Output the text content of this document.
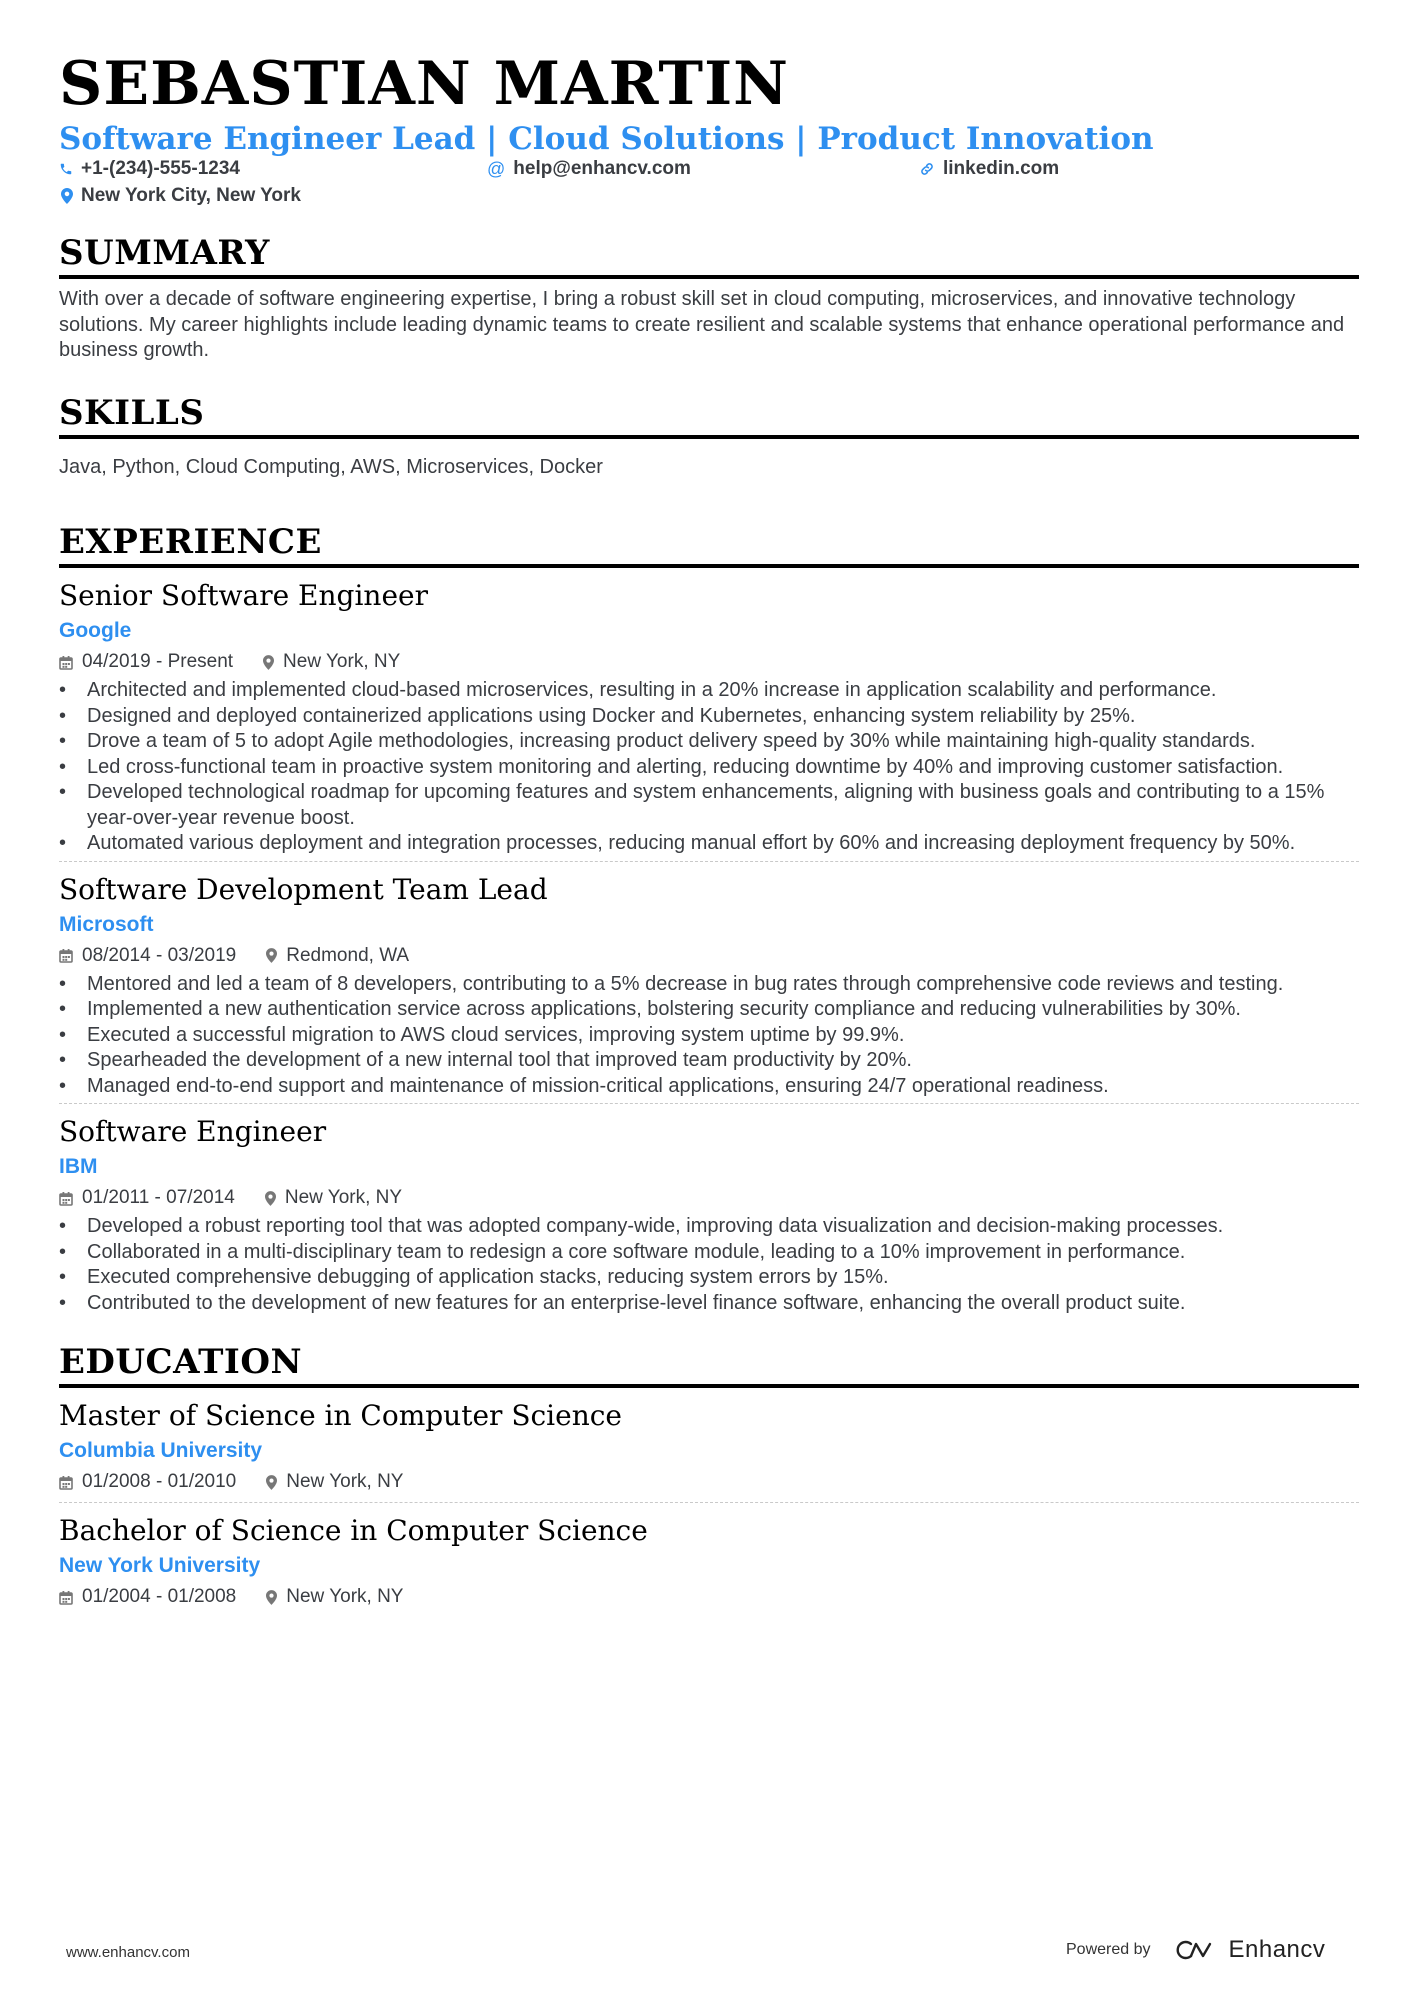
SEBASTIAN MARTIN
Software Engineer Lead | Cloud Solutions | Product Innovation
+1-(234)-555-1234	@ help@enhancv.com	linkedin.com
New York City, New York
SUMMARY

With over a decade of software engineering expertise, I bring a robust skill set in cloud computing, microservices, and innovative technology solutions. My career highlights include leading dynamic teams to create resilient and scalable systems that enhance operational performance and business growth.

SKILLS

Java, Python, Cloud Computing, AWS, Microservices, Docker

EXPERIENCE
Senior Software Engineer
Google
04/2019 - Present	New York, NY
• Architected and implemented cloud-based microservices, resulting in a 20% increase in application scalability and performance.
• Designed and deployed containerized applications using Docker and Kubernetes, enhancing system reliability by 25%.
• Drove a team of 5 to adopt Agile methodologies, increasing product delivery speed by 30% while maintaining high-quality standards.
• Led cross-functional team in proactive system monitoring and alerting, reducing downtime by 40% and improving customer satisfaction.
• Developed technological roadmap for upcoming features and system enhancements, aligning with business goals and contributing to a 15% year-over-year revenue boost.
• Automated various deployment and integration processes, reducing manual effort by 60% and increasing deployment frequency by 50%.
Software Development Team Lead
Microsoft
08/2014 - 03/2019	Redmond, WA
• Mentored and led a team of 8 developers, contributing to a 5% decrease in bug rates through comprehensive code reviews and testing.
• Implemented a new authentication service across applications, bolstering security compliance and reducing vulnerabilities by 30%.
• Executed a successful migration to AWS cloud services, improving system uptime by 99.9%.
• Spearheaded the development of a new internal tool that improved team productivity by 20%.
• Managed end-to-end support and maintenance of mission-critical applications, ensuring 24/7 operational readiness.
Software Engineer
IBM
01/2011 - 07/2014	New York, NY
• Developed a robust reporting tool that was adopted company-wide, improving data visualization and decision-making processes.
• Collaborated in a multi-disciplinary team to redesign a core software module, leading to a 10% improvement in performance.
• Executed comprehensive debugging of application stacks, reducing system errors by 15%.
• Contributed to the development of new features for an enterprise-level finance software, enhancing the overall product suite.
EDUCATION
Master of Science in Computer Science
Columbia University
01/2008 - 01/2010	New York, NY
Bachelor of Science in Computer Science
New York University
01/2004 - 01/2008	New York, NY
www.enhancv.com	Powered by	Enhancv
